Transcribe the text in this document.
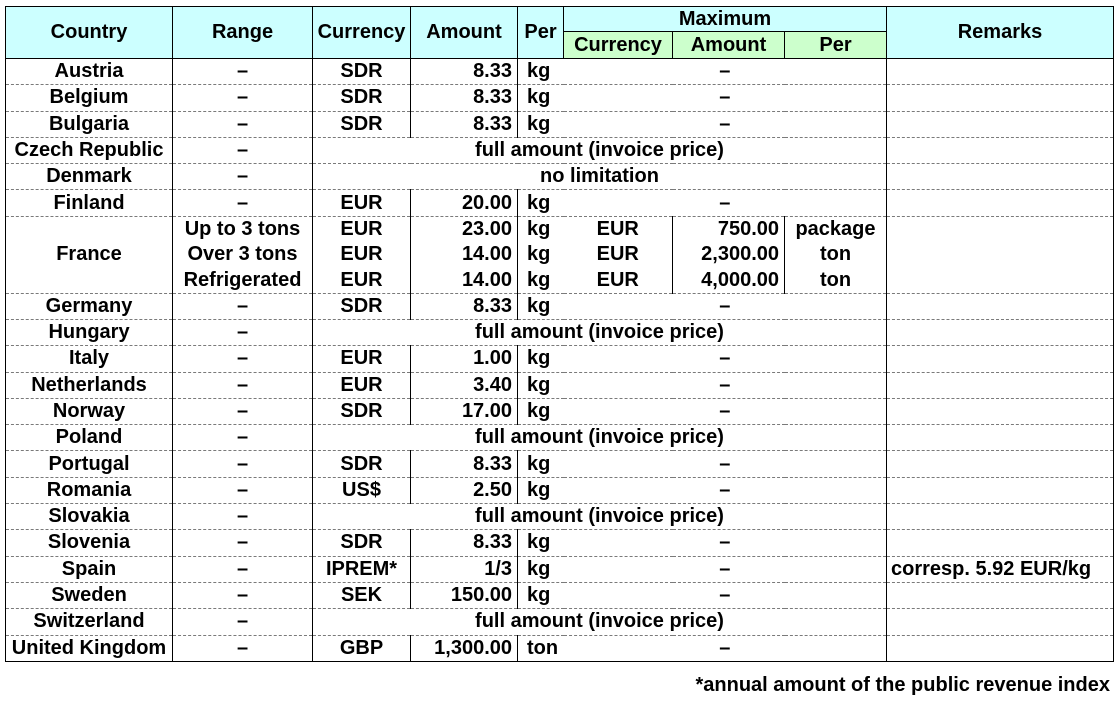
Country	Range	Currency	Amount	Per	Maximum			Remarks
					Currency	Amount	Per	
Austria	–	SDR	8.33	kg	–			
Belgium	–	SDR	8.33	kg	–			
Bulgaria	–	SDR	8.33	kg	–			
Czech Republic	–	full amount (invoice price)						
Denmark	–	no limitation						
Finland	–	EUR	20.00	kg	–			
France	Up to 3 tons	EUR	23.00	kg	EUR	750.00	package	
	Over 3 tons	EUR	14.00	kg	EUR	2,300.00	ton	
	Refrigerated	EUR	14.00	kg	EUR	4,000.00	ton	
Germany	–	SDR	8.33	kg	–			
Hungary	–	full amount (invoice price)						
Italy	–	EUR	1.00	kg	–			
Netherlands	–	EUR	3.40	kg	–			
Norway	–	SDR	17.00	kg	–			
Poland	–	full amount (invoice price)						
Portugal	–	SDR	8.33	kg	–			
Romania	–	US$	2.50	kg	–			
Slovakia	–	full amount (invoice price)						
Slovenia	–	SDR	8.33	kg	–			
Spain	–	IPREM*	1/3	kg	–			corresp. 5.92 EUR/kg
Sweden	–	SEK	150.00	kg	–			
Switzerland	–	full amount (invoice price)						
United Kingdom	–	GBP	1,300.00	ton	–			
*annual amount of the public revenue index
